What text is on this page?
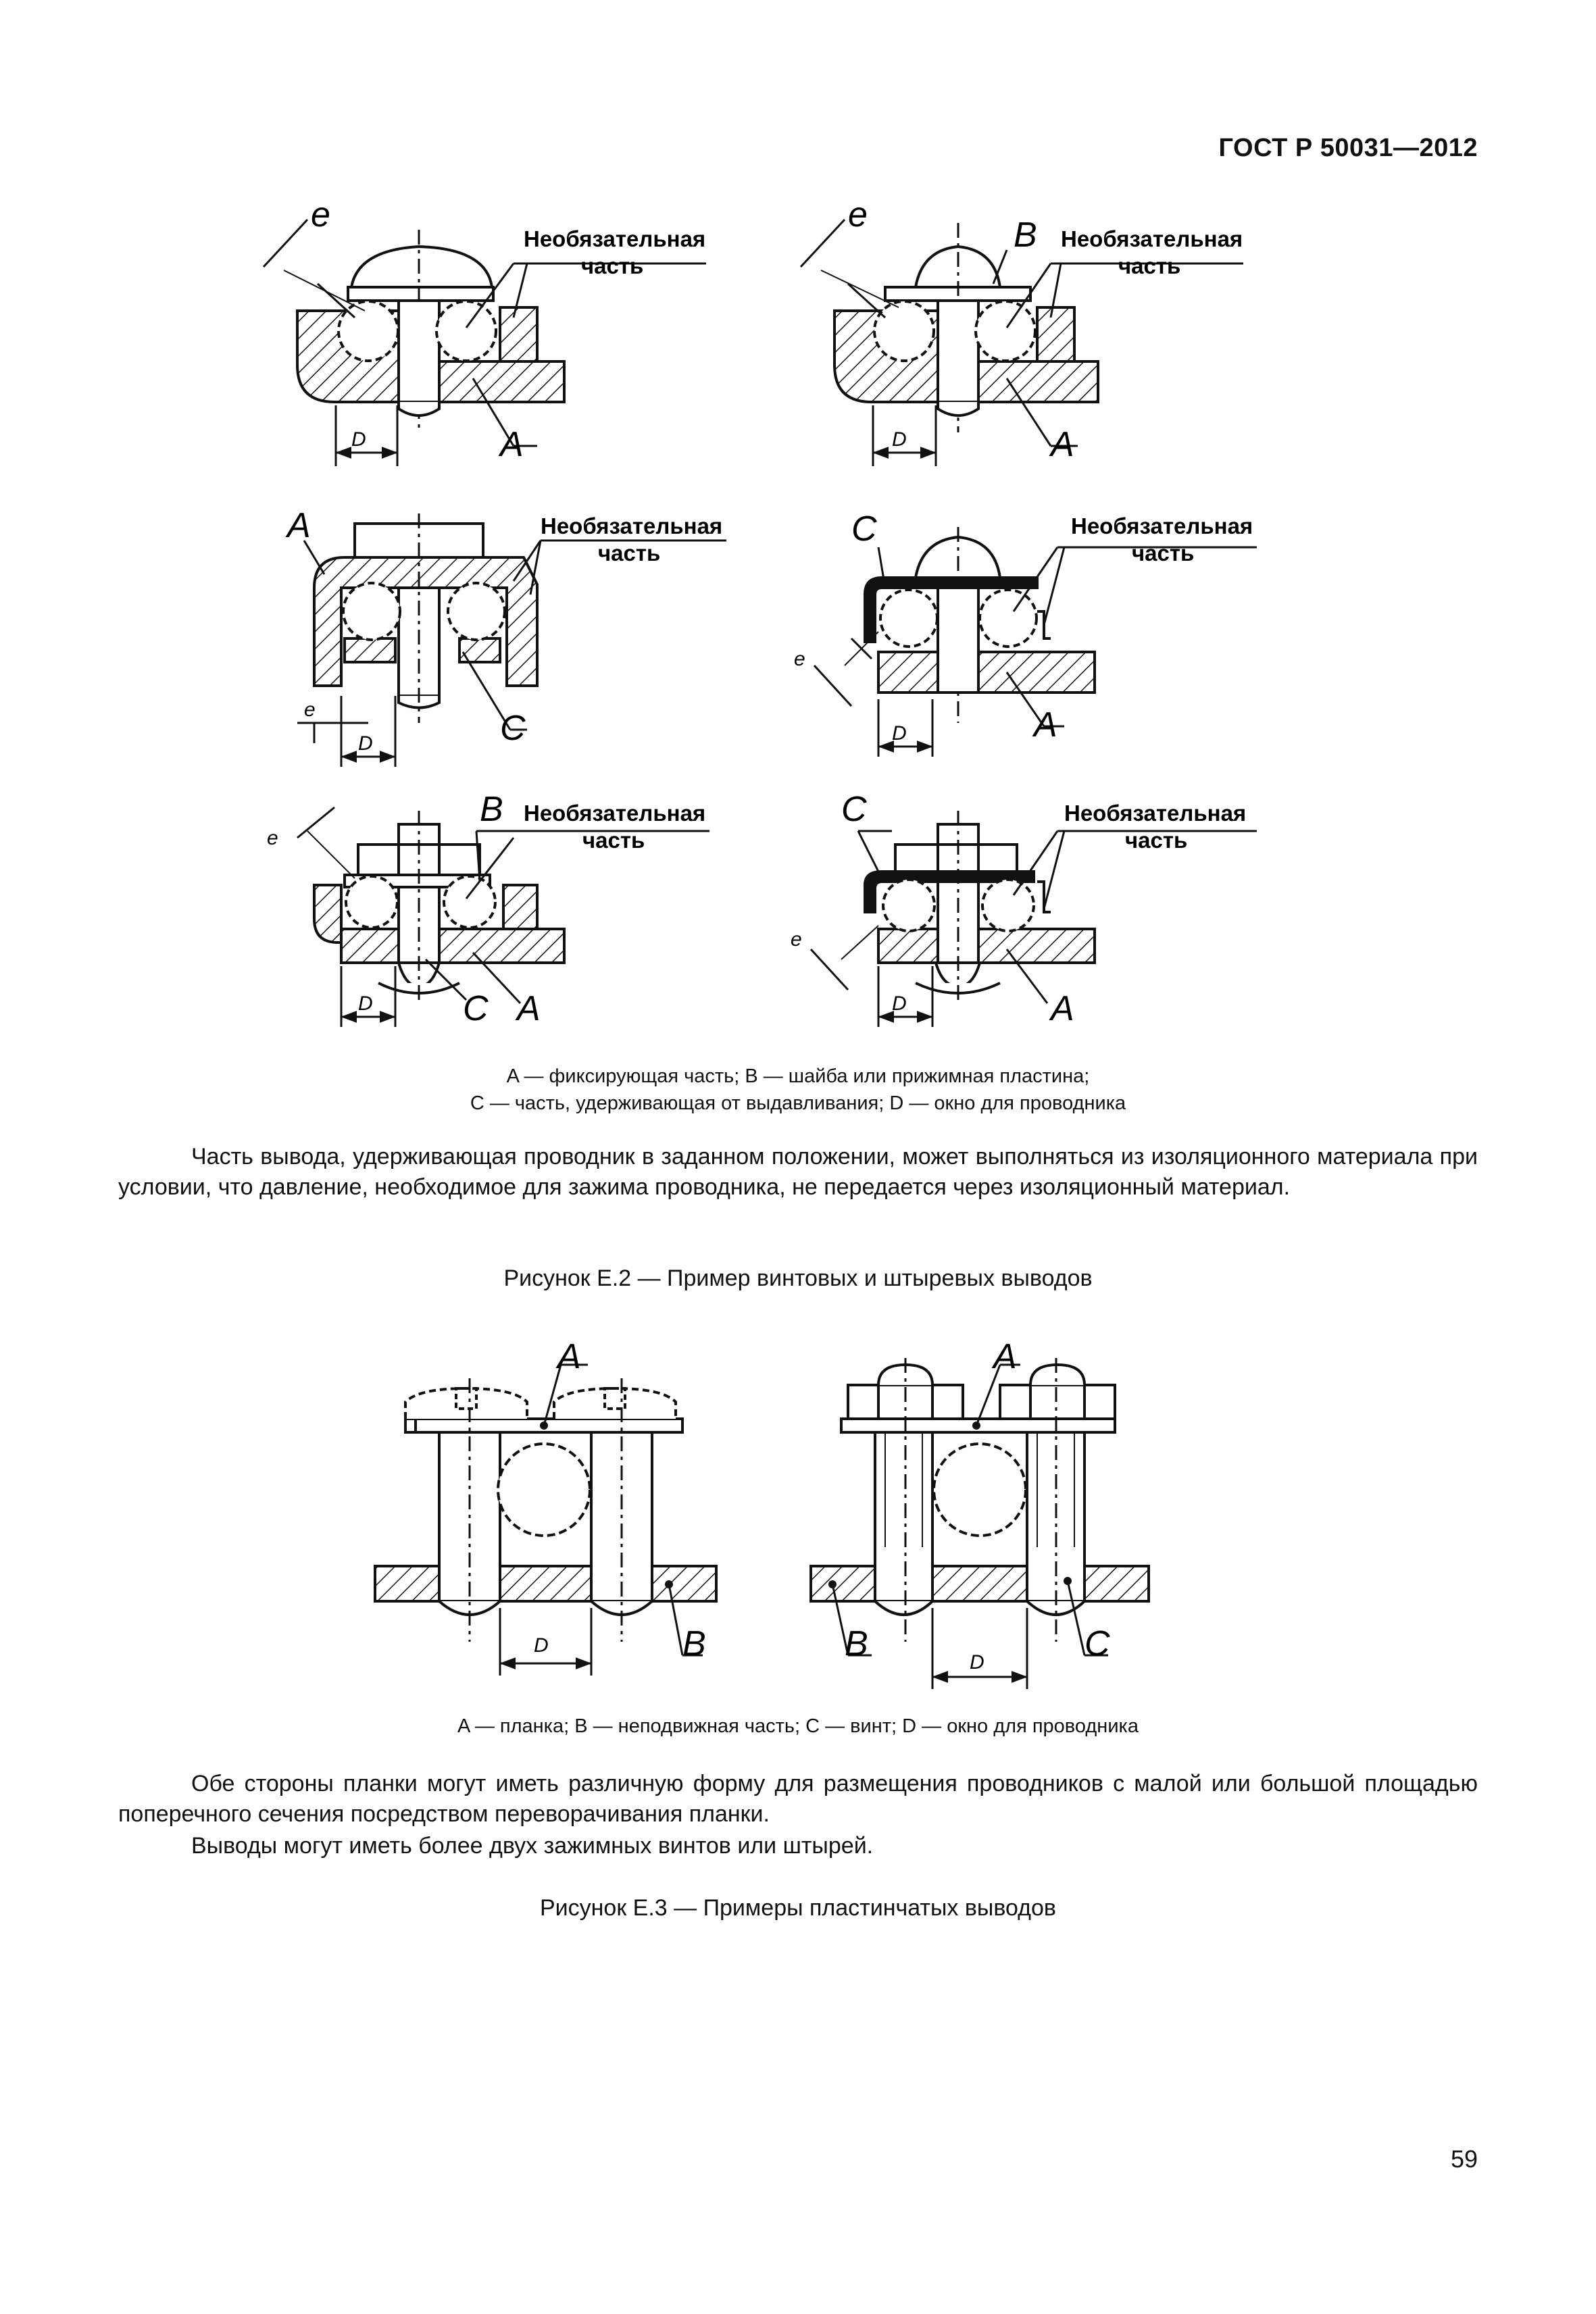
ГОСТ Р 50031—2012
e
D	A
Необязательная
часть
e
D	A
B Необязательная
часть
A
e
D	C
Необязательная
часть
C
e
D	A
Необязательная
часть
e
D	C A
B Необязательная
часть
C
e
D	A
Необязательная
часть
A — фиксирующая часть; B — шайба или прижимная пластина;
C — часть, удерживающая от выдавливания; D — окно для проводника
Часть вывода, удерживающая проводник в заданном положении, может выполняться из изоляционного материала при условии, что давление, необходимое для зажима проводника, не передается через изоляционный материал.
Рисунок Е.2 — Пример винтовых и штыревых выводов
A
D	B
A
B	D	C
A — планка; B — неподвижная часть; C — винт; D — окно для проводника
Обе стороны планки могут иметь различную форму для размещения проводников с малой или большой площадью поперечного сечения посредством переворачивания планки.
Выводы могут иметь более двух зажимных винтов или штырей.
Рисунок Е.3 — Примеры пластинчатых выводов
59
